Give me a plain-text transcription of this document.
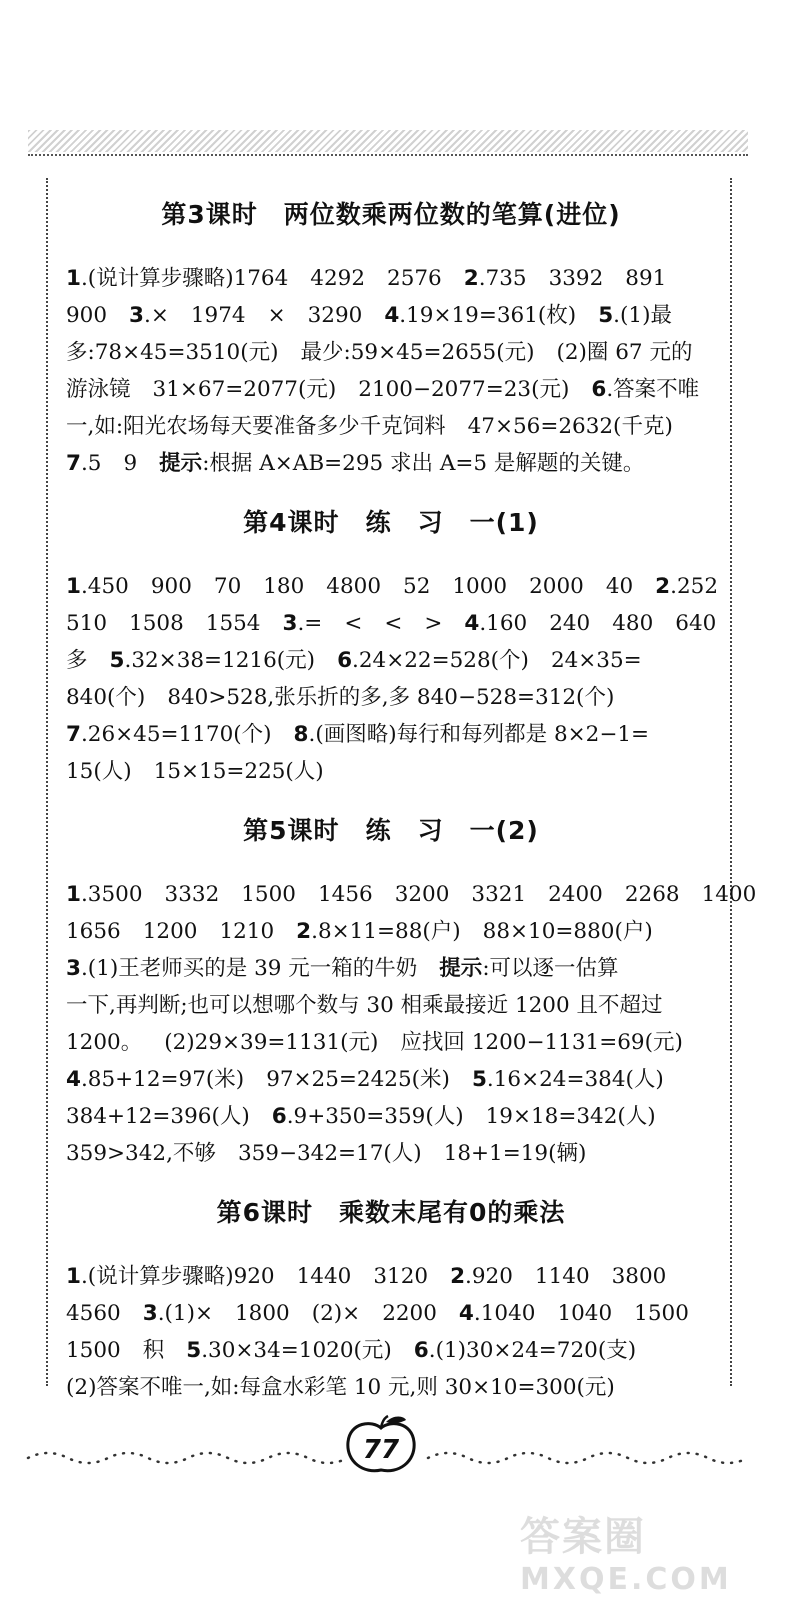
第3课时 两位数乘两位数的笔算(进位)
1.(说计算步骤略)1764 4292 2576 2.735 3392 891
900 3.× 1974 × 3290 4.19×19=361(枚) 5.(1)最
多:78×45=3510(元) 最少:59×45=2655(元) (2)圈 67 元的
游泳镜 31×67=2077(元) 2100−2077=23(元) 6.答案不唯
一,如:阳光农场每天要准备多少千克饲料 47×56=2632(千克)
7.5 9 提示:根据 A×AB=295 求出 A=5 是解题的关键。
第4课时 练 习 一(1)
1.450 900 70 180 4800 52 1000 2000 40 2.252
510 1508 1554 3.= < < > 4.160 240 480 640
多 5.32×38=1216(元) 6.24×22=528(个) 24×35=
840(个) 840>528,张乐折的多,多 840−528=312(个)
7.26×45=1170(个) 8.(画图略)每行和每列都是 8×2−1=
15(人) 15×15=225(人)
第5课时 练 习 一(2)
1.3500 3332 1500 1456 3200 3321 2400 2268 1400
1656 1200 1210 2.8×11=88(户) 88×10=880(户)
3.(1)王老师买的是 39 元一箱的牛奶 提示:可以逐一估算
一下,再判断;也可以想哪个数与 30 相乘最接近 1200 且不超过
1200。 (2)29×39=1131(元) 应找回 1200−1131=69(元)
4.85+12=97(米) 97×25=2425(米) 5.16×24=384(人)
384+12=396(人) 6.9+350=359(人) 19×18=342(人)
359>342,不够 359−342=17(人) 18+1=19(辆)
第6课时 乘数末尾有0的乘法
1.(说计算步骤略)920 1440 3120 2.920 1140 3800
4560 3.(1)× 1800 (2)× 2200 4.1040 1040 1500
1500 积 5.30×34=1020(元) 6.(1)30×24=720(支)
(2)答案不唯一,如:每盒水彩笔 10 元,则 30×10=300(元)
77
答案圈
MXQE.COM
